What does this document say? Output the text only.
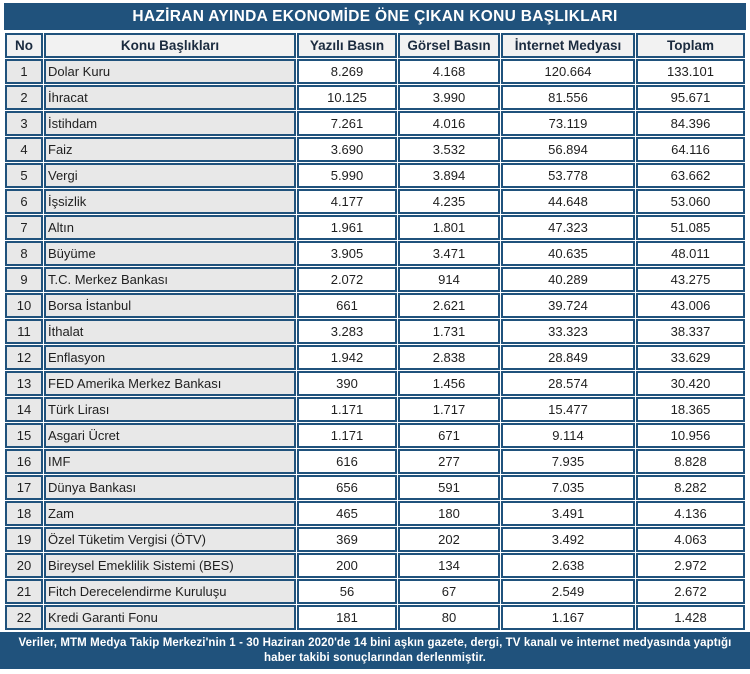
HAZİRAN AYINDA EKONOMİDE ÖNE ÇIKAN KONU BAŞLIKLARI
No	Konu Başlıkları	Yazılı Basın	Görsel Basın	İnternet Medyası	Toplam
1	Dolar Kuru	8.269	4.168	120.664	133.101
2	İhracat	10.125	3.990	81.556	95.671
3	İstihdam	7.261	4.016	73.119	84.396
4	Faiz	3.690	3.532	56.894	64.116
5	Vergi	5.990	3.894	53.778	63.662
6	İşsizlik	4.177	4.235	44.648	53.060
7	Altın	1.961	1.801	47.323	51.085
8	Büyüme	3.905	3.471	40.635	48.011
9	T.C. Merkez Bankası	2.072	914	40.289	43.275
10	Borsa İstanbul	661	2.621	39.724	43.006
11	İthalat	3.283	1.731	33.323	38.337
12	Enflasyon	1.942	2.838	28.849	33.629
13	FED Amerika Merkez Bankası	390	1.456	28.574	30.420
14	Türk Lirası	1.171	1.717	15.477	18.365
15	Asgari Ücret	1.171	671	9.114	10.956
16	IMF	616	277	7.935	8.828
17	Dünya Bankası	656	591	7.035	8.282
18	Zam	465	180	3.491	4.136
19	Özel Tüketim Vergisi (ÖTV)	369	202	3.492	4.063
20	Bireysel Emeklilik Sistemi (BES)	200	134	2.638	2.972
21	Fitch Derecelendirme Kuruluşu	56	67	2.549	2.672
22	Kredi Garanti Fonu	181	80	1.167	1.428
Veriler, MTM Medya Takip Merkezi'nin 1 - 30 Haziran 2020'de 14 bini aşkın gazete, dergi, TV kanalı ve internet medyasında yaptığı
haber takibi sonuçlarından derlenmiştir.
